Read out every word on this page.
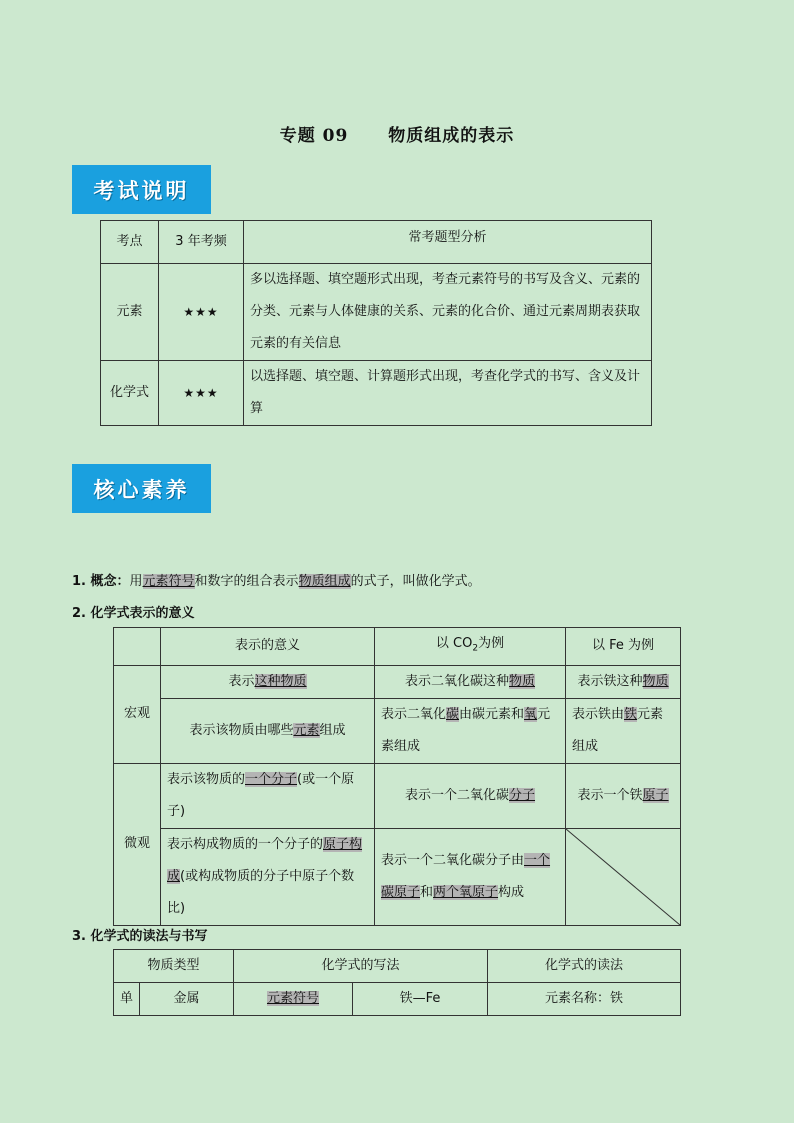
专题 09 物质组成的表示
考试说明
考点	3 年考频	常考题型分析
元素	★★★	多以选择题、填空题形式出现，考查元素符号的书写及含义、元素的分类、元素与人体健康的关系、元素的化合价、通过元素周期表获取元素的有关信息
化学式	★★★	以选择题、填空题、计算题形式出现，考查化学式的书写、含义及计算
核心素养
1. 概念：用元素符号和数字的组合表示物质组成的式子，叫做化学式。
2. 化学式表示的意义
	表示的意义	以 $CO_2$为例	以 Fe 为例
宏观	表示这种物质	表示二氧化碳这种物质	表示铁这种物质
	表示该物质由哪些元素组成	表示二氧化碳由碳元素和氧元素组成	表示铁由铁元素组成
微观	表示该物质的一个分子(或一个原子)	表示一个二氧化碳分子	表示一个铁原子
	表示构成物质的一个分子的原子构成(或构成物质的分子中原子个数比)	表示一个二氧化碳分子由一个碳原子和两个氧原子构成	
3. 化学式的读法与书写
物质类型		化学式的写法		化学式的读法
单	金属	元素符号	铁—Fe	元素名称：铁
